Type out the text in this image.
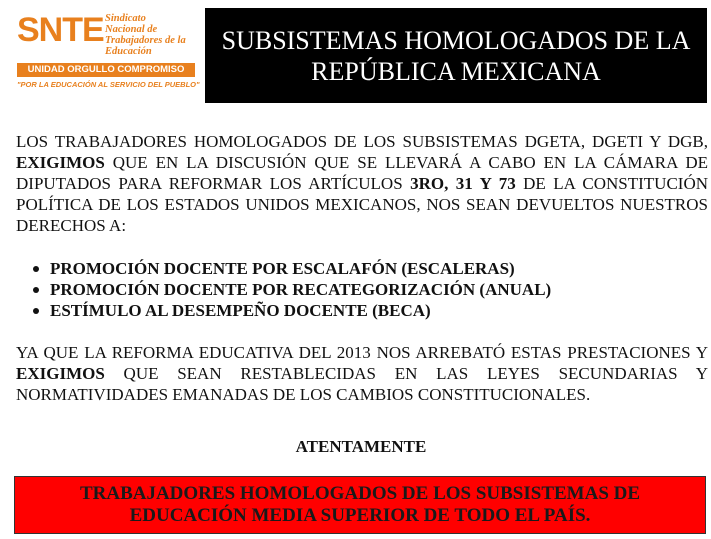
SNTE Sindicato
Nacional de
Trabajadores de la
Educación
UNIDAD ORGULLO COMPROMISO
"POR LA EDUCACIÓN AL SERVICIO DEL PUEBLO"
SUBSISTEMAS HOMOLOGADOS DE LA
REPÚBLICA MEXICANA
LOS TRABAJADORES HOMOLOGADOS DE LOS SUBSISTEMAS DGETA, DGETI Y DGB, EXIGIMOS QUE EN LA DISCUSIÓN QUE SE LLEVARÁ A CABO EN LA CÁMARA DE DIPUTADOS PARA REFORMAR LOS ARTÍCULOS 3RO, 31 Y 73 DE LA CONSTITUCIÓN POLÍTICA DE LOS ESTADOS UNIDOS MEXICANOS, NOS SEAN DEVUELTOS NUESTROS DERECHOS A:
PROMOCIÓN DOCENTE POR ESCALAFÓN (ESCALERAS)
PROMOCIÓN DOCENTE POR RECATEGORIZACIÓN (ANUAL)
ESTÍMULO AL DESEMPEÑO DOCENTE (BECA)
YA QUE LA REFORMA EDUCATIVA DEL 2013 NOS ARREBATÓ ESTAS PRESTACIONES Y EXIGIMOS QUE SEAN RESTABLECIDAS EN LAS LEYES SECUNDARIAS Y NORMATIVIDADES EMANADAS DE LOS CAMBIOS CONSTITUCIONALES.
ATENTAMENTE
TRABAJADORES HOMOLOGADOS DE LOS SUBSISTEMAS DE
EDUCACIÓN MEDIA SUPERIOR DE TODO EL PAÍS.
